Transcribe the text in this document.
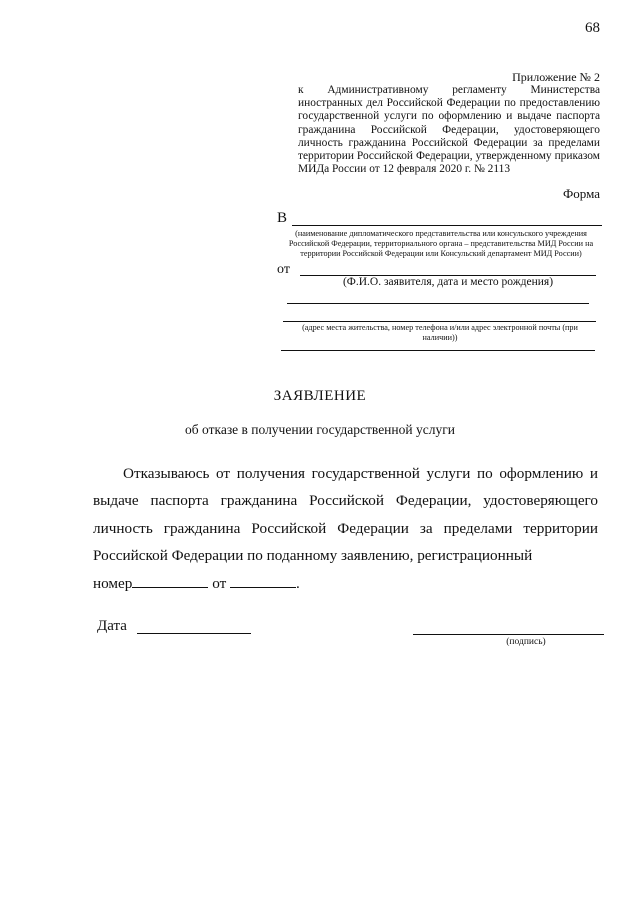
68
Приложение № 2
к Административному регламенту Министерства иностранных дел Российской Федерации по предоставлению государственной услуги по оформлению и выдаче паспорта гражданина Российской Федерации, удостоверяющего личность гражданина Российской Федерации за пределами территории Российской Федерации, утвержденному приказом МИДа России от 12 февраля 2020 г. № 2113
Форма
В
(наименование дипломатического представительства или консульского учреждения Российской Федерации, территориального органа – представительства МИД России на территории Российской Федерации или Консульский департамент МИД России)
от
(Ф.И.О. заявителя, дата и место рождения)
(адрес места жительства, номер телефона и/или адрес электронной почты (при наличии))
ЗАЯВЛЕНИЕ
об отказе в получении государственной услуги

Отказываюсь от получения государственной услуги по оформлению и выдаче паспорта гражданина Российской Федерации, удостоверяющего личность гражданина Российской Федерации за пределами территории Российской Федерации по поданному заявлению, регистрационный

номер	от	.
Дата
(подпись)
